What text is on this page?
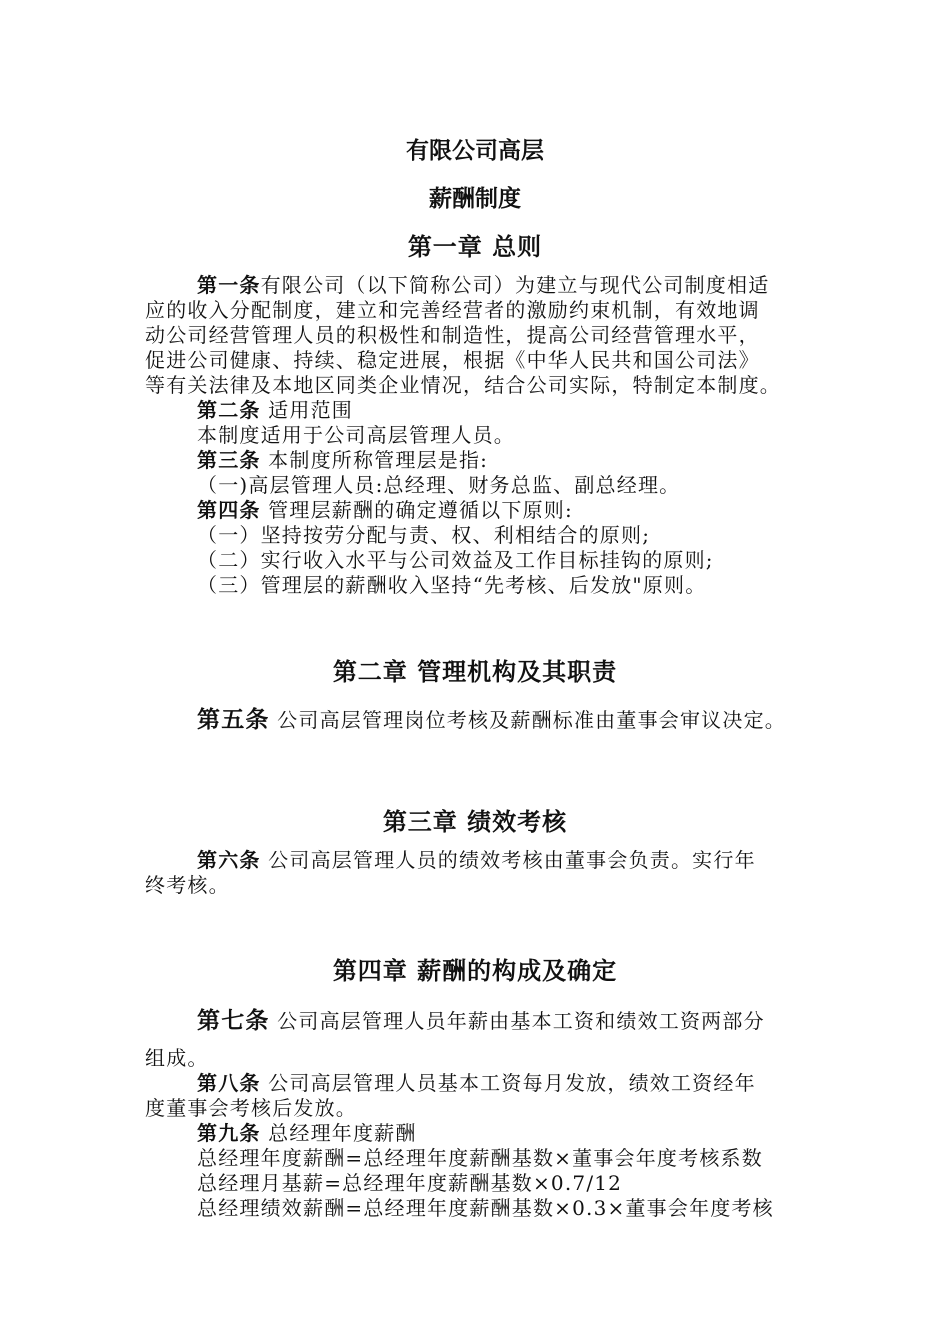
有限公司高层
薪酬制度
第一章 总则
第一条有限公司（以下简称公司）为建立与现代公司制度相适
应的收入分配制度，建立和完善经营者的激励约束机制，有效地调
动公司经营管理人员的积极性和制造性，提高公司经营管理水平，
促进公司健康、持续、稳定进展，根据《中华人民共和国公司法》
等有关法律及本地区同类企业情况，结合公司实际，特制定本制度。
第二条 适用范围
本制度适用于公司高层管理人员。
第三条 本制度所称管理层是指:
（一)高层管理人员:总经理、财务总监、副总经理。
第四条 管理层薪酬的确定遵循以下原则:
（一）坚持按劳分配与责、权、利相结合的原则;
（二）实行收入水平与公司效益及工作目标挂钩的原则;
（三）管理层的薪酬收入坚持“先考核、后发放"原则。
第二章 管理机构及其职责
第五条 公司高层管理岗位考核及薪酬标准由董事会审议决定。
第三章 绩效考核
第六条 公司高层管理人员的绩效考核由董事会负责。实行年
终考核。
第四章 薪酬的构成及确定
第七条 公司高层管理人员年薪由基本工资和绩效工资两部分
组成。
第八条 公司高层管理人员基本工资每月发放，绩效工资经年
度董事会考核后发放。
第九条 总经理年度薪酬
总经理年度薪酬=总经理年度薪酬基数×董事会年度考核系数
总经理月基薪=总经理年度薪酬基数×0.7/12
总经理绩效薪酬=总经理年度薪酬基数×0.3×董事会年度考核
